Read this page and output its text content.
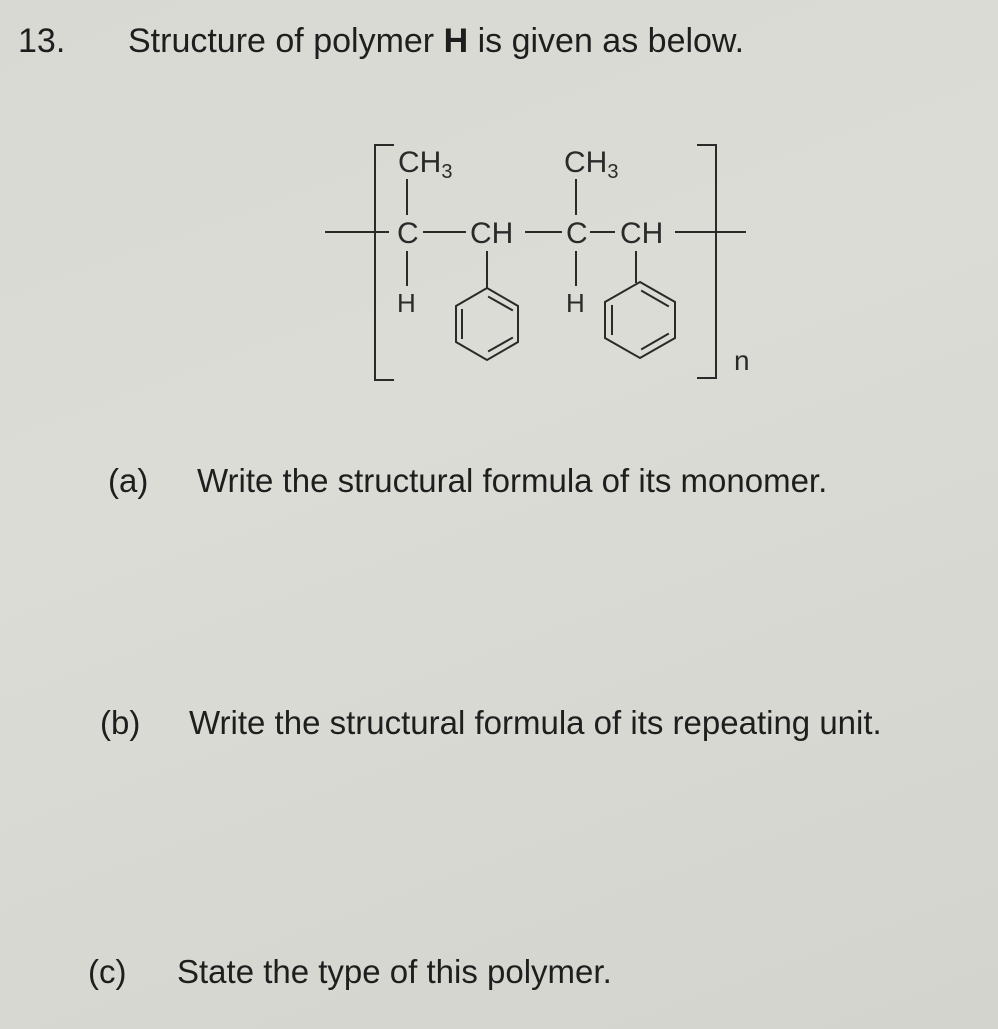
13. Structure of polymer H is given as below.
$CH_3$	$CH_3$
C CH C CH
H	H
n
(a) Write the structural formula of its monomer.
(b) Write the structural formula of its repeating unit.
(c) State the type of this polymer.
